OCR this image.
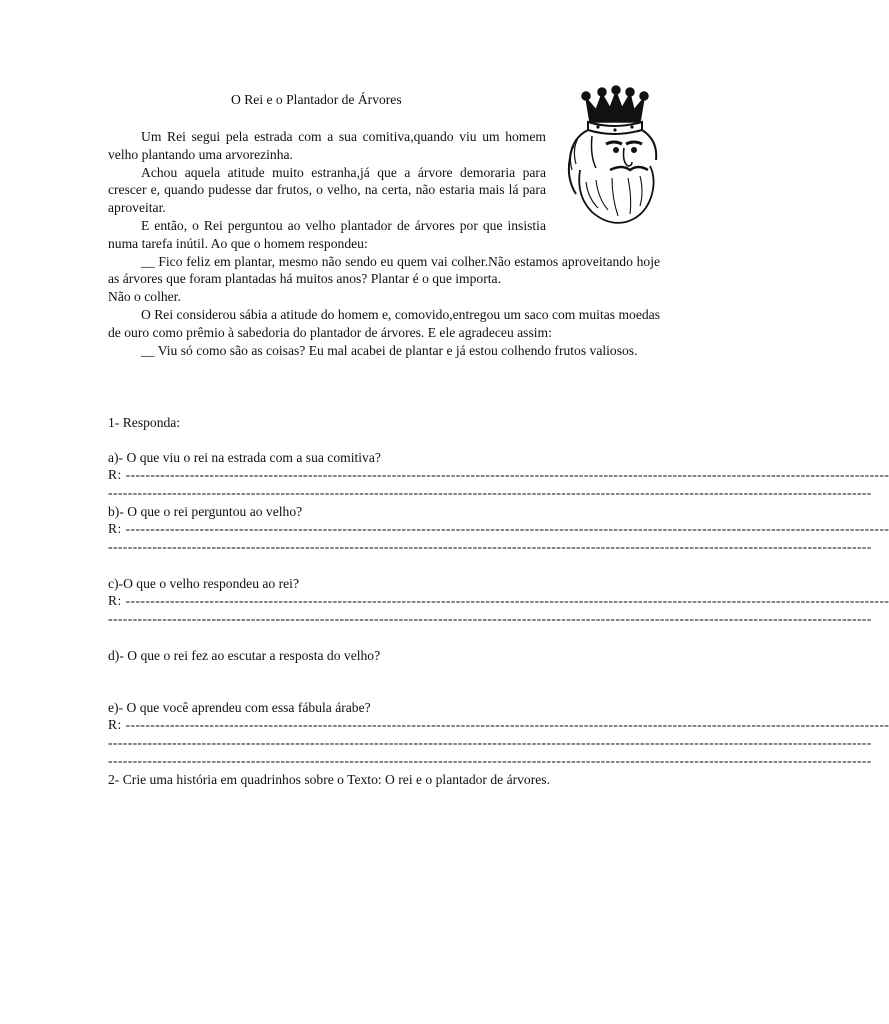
O Rei e o Plantador de Árvores

Um Rei segui pela estrada com a sua comitiva,quando viu um homem velho plantando uma arvorezinha.

Achou aquela atitude muito estranha,já que a árvore demoraria para crescer e, quando pudesse dar frutos, o velho, na certa, não estaria mais lá para aproveitar.

E então, o Rei perguntou ao velho plantador de árvores por que insistia numa tarefa inútil. Ao que o homem respondeu:

__ Fico feliz em plantar, mesmo não sendo eu quem vai colher.Não estamos aproveitando hoje as árvores que foram plantadas há muitos anos? Plantar é o que importa.

Não o colher.

O Rei considerou sábia a atitude do homem e, comovido,entregou um saco com muitas moedas de ouro como prêmio à sabedoria do plantador de árvores. E ele agradeceu assim:

__ Viu só como são as coisas? Eu mal acabei de plantar e já estou colhendo frutos valiosos.

1- Responda:
a)- O que viu o rei na estrada com a sua comitiva?
R: -----------------------------------------------------------------------------------------------------------------------------------------------------------
-----------------------------------------------------------------------------------------------------------------------------------------------------------
b)- O que o rei perguntou ao velho?
R: -----------------------------------------------------------------------------------------------------------------------------------------------------------
-----------------------------------------------------------------------------------------------------------------------------------------------------------
c)-O que o velho respondeu ao rei?
R: -----------------------------------------------------------------------------------------------------------------------------------------------------------
-----------------------------------------------------------------------------------------------------------------------------------------------------------
d)- O que o rei fez ao escutar a resposta do velho?
e)- O que você aprendeu com essa fábula árabe?
R: -----------------------------------------------------------------------------------------------------------------------------------------------------------
-----------------------------------------------------------------------------------------------------------------------------------------------------------
-----------------------------------------------------------------------------------------------------------------------------------------------------------
2- Crie uma história em quadrinhos sobre o Texto: O rei e o plantador de árvores.
